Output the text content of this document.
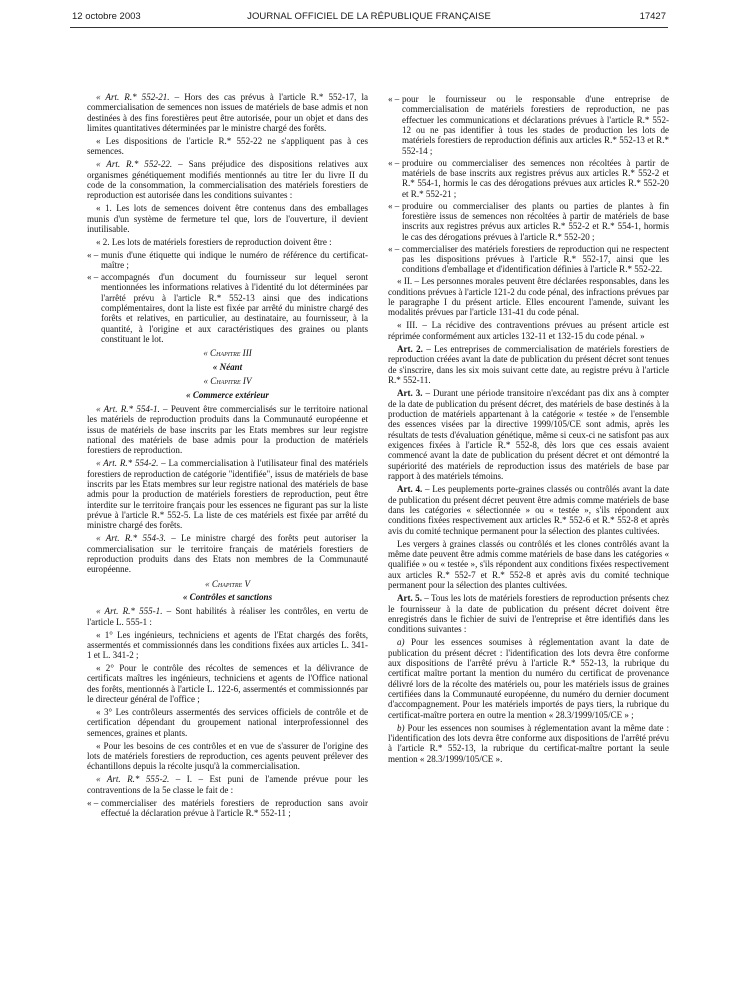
12 octobre 2003	JOURNAL OFFICIEL DE LA RÉPUBLIQUE FRANÇAISE	17427

« Art. R.* 552-21. – Hors des cas prévus à l'article R.* 552-17, la commercialisation de semences non issues de matériels de base admis et non destinées à des fins forestières peut être autorisée, pour un objet et dans des limites quantitatives déterminées par le ministre chargé des forêts.

« Les dispositions de l'article R.* 552-22 ne s'appliquent pas à ces semences.

« Art. R.* 552-22. – Sans préjudice des dispositions relatives aux organismes génétiquement modifiés mentionnés au titre Ier du livre II du code de la consommation, la commercialisation des matériels forestiers de reproduction est autorisée dans les conditions suivantes :

« 1. Les lots de semences doivent être contenus dans des emballages munis d'un système de fermeture tel que, lors de l'ouverture, il devient inutilisable.

« 2. Les lots de matériels forestiers de reproduction doivent être :

« – munis d'une étiquette qui indique le numéro de référence du certificat-maître ;

« – accompagnés d'un document du fournisseur sur lequel seront mentionnées les informations relatives à l'identité du lot déterminées par l'arrêté prévu à l'article R.* 552-13 ainsi que des indications complémentaires, dont la liste est fixée par arrêté du ministre chargé des forêts et relatives, en particulier, au destinataire, au fournisseur, à la quantité, à l'origine et aux caractéristiques des graines ou plants constituant le lot.

« Chapitre III

« Néant

« Chapitre IV

« Commerce extérieur

« Art. R.* 554-1. – Peuvent être commercialisés sur le territoire national les matériels de reproduction produits dans la Communauté européenne et issus de matériels de base inscrits par les Etats membres sur leur registre national des matériels de base admis pour la production de matériels forestiers de reproduction.

« Art. R.* 554-2. – La commercialisation à l'utilisateur final des matériels forestiers de reproduction de catégorie "identifiée", issus de matériels de base inscrits par les Etats membres sur leur registre national des matériels de base admis pour la production de matériels forestiers de reproduction, peut être interdite sur le territoire français pour les essences ne figurant pas sur la liste prévue à l'article R.* 552-5. La liste de ces matériels est fixée par arrêté du ministre chargé des forêts.

« Art. R.* 554-3. – Le ministre chargé des forêts peut autoriser la commercialisation sur le territoire français de matériels forestiers de reproduction produits dans des Etats non membres de la Communauté européenne.

« Chapitre V

« Contrôles et sanctions

« Art. R.* 555-1. – Sont habilités à réaliser les contrôles, en vertu de l'article L. 555-1 :

« 1° Les ingénieurs, techniciens et agents de l'Etat chargés des forêts, assermentés et commissionnés dans les conditions fixées aux articles L. 341-1 et L. 341-2 ;

« 2° Pour le contrôle des récoltes de semences et la délivrance de certificats maîtres les ingénieurs, techniciens et agents de l'Office national des forêts, mentionnés à l'article L. 122-6, assermentés et commissionnés par le directeur général de l'office ;

« 3° Les contrôleurs assermentés des services officiels de contrôle et de certification dépendant du groupement national interprofessionnel des semences, graines et plants.

« Pour les besoins de ces contrôles et en vue de s'assurer de l'origine des lots de matériels forestiers de reproduction, ces agents peuvent prélever des échantillons depuis la récolte jusqu'à la commercialisation.

« Art. R.* 555-2. – I. – Est puni de l'amende prévue pour les contraventions de la 5e classe le fait de :

« – commercialiser des matériels forestiers de reproduction sans avoir effectué la déclaration prévue à l'article R.* 552-11 ;

« – pour le fournisseur ou le responsable d'une entreprise de commercialisation de matériels forestiers de reproduction, ne pas effectuer les communications et déclarations prévues à l'article R.* 552-12 ou ne pas identifier à tous les stades de production les lots de matériels forestiers de reproduction définis aux articles R.* 552-13 et R.* 552-14 ;

« – produire ou commercialiser des semences non récoltées à partir de matériels de base inscrits aux registres prévus aux articles R.* 552-2 et R.* 554-1, hormis le cas des dérogations prévues aux articles R.* 552-20 et R.* 552-21 ;

« – produire ou commercialiser des plants ou parties de plantes à fin forestière issus de semences non récoltées à partir de matériels de base inscrits aux registres prévus aux articles R.* 552-2 et R.* 554-1, hormis le cas des dérogations prévues à l'article R.* 552-20 ;

« – commercialiser des matériels forestiers de reproduction qui ne respectent pas les dispositions prévues à l'article R.* 552-17, ainsi que les conditions d'emballage et d'identification définies à l'article R.* 552-22.

« II. – Les personnes morales peuvent être déclarées responsables, dans les conditions prévues à l'article 121-2 du code pénal, des infractions prévues par le paragraphe I du présent article. Elles encourent l'amende, suivant les modalités prévues par l'article 131-41 du code pénal.

« III. – La récidive des contraventions prévues au présent article est réprimée conformément aux articles 132-11 et 132-15 du code pénal. »

Art. 2. – Les entreprises de commercialisation de matériels forestiers de reproduction créées avant la date de publication du présent décret sont tenues de s'inscrire, dans les six mois suivant cette date, au registre prévu à l'article R.* 552-11.

Art. 3. – Durant une période transitoire n'excédant pas dix ans à compter de la date de publication du présent décret, des matériels de base destinés à la production de matériels appartenant à la catégorie « testée » de l'ensemble des essences visées par la directive 1999/105/CE sont admis, après les résultats de tests d'évaluation génétique, même si ceux-ci ne satisfont pas aux exigences fixées à l'article R.* 552-8, dès lors que ces essais avaient commencé avant la date de publication du présent décret et ont démontré la supériorité des matériels de reproduction issus des matériels de base par rapport à des matériels témoins.

Art. 4. – Les peuplements porte-graines classés ou contrôlés avant la date de publication du présent décret peuvent être admis comme matériels de base dans les catégories « sélectionnée » ou « testée », s'ils répondent aux conditions fixées respectivement aux articles R.* 552-6 et R.* 552-8 et après avis du comité technique permanent pour la sélection des plantes cultivées.

Les vergers à graines classés ou contrôlés et les clones contrôlés avant la même date peuvent être admis comme matériels de base dans les catégories « qualifiée » ou « testée », s'ils répondent aux conditions fixées respectivement aux articles R.* 552-7 et R.* 552-8 et après avis du comité technique permanent pour la sélection des plantes cultivées.

Art. 5. – Tous les lots de matériels forestiers de reproduction présents chez le fournisseur à la date de publication du présent décret doivent être enregistrés dans le fichier de suivi de l'entreprise et être identifiés dans les conditions suivantes :

a) Pour les essences soumises à réglementation avant la date de publication du présent décret : l'identification des lots devra être conforme aux dispositions de l'arrêté prévu à l'article R.* 552-13, la rubrique du certificat maître portant la mention du numéro du certificat de provenance délivré lors de la récolte des matériels ou, pour les matériels issus de graines certifiées dans la Communauté européenne, du numéro du dernier document d'accompagnement. Pour les matériels importés de pays tiers, la rubrique du certificat-maître portera en outre la mention « 28.3/1999/105/CE » ;

b) Pour les essences non soumises à réglementation avant la même date : l'identification des lots devra être conforme aux dispositions de l'arrêté prévu à l'article R.* 552-13, la rubrique du certificat-maître portant la seule mention « 28.3/1999/105/CE ».
